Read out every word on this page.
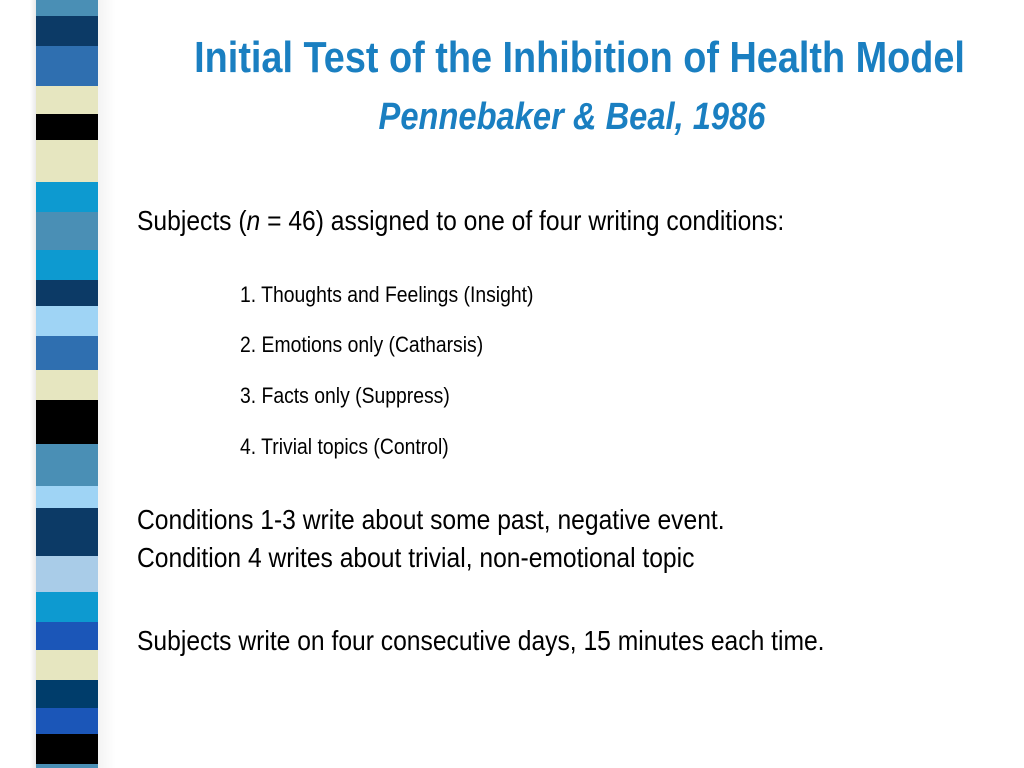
Initial Test of the Inhibition of Health Model
Pennebaker & Beal, 1986
Subjects (n = 46) assigned to one of four writing conditions:
1. Thoughts and Feelings (Insight)
2. Emotions only (Catharsis)
3. Facts only (Suppress)
4. Trivial topics (Control)
Conditions 1-3 write about some past, negative event.
Condition 4 writes about trivial, non-emotional topic
Subjects write on four consecutive days, 15 minutes each time.
